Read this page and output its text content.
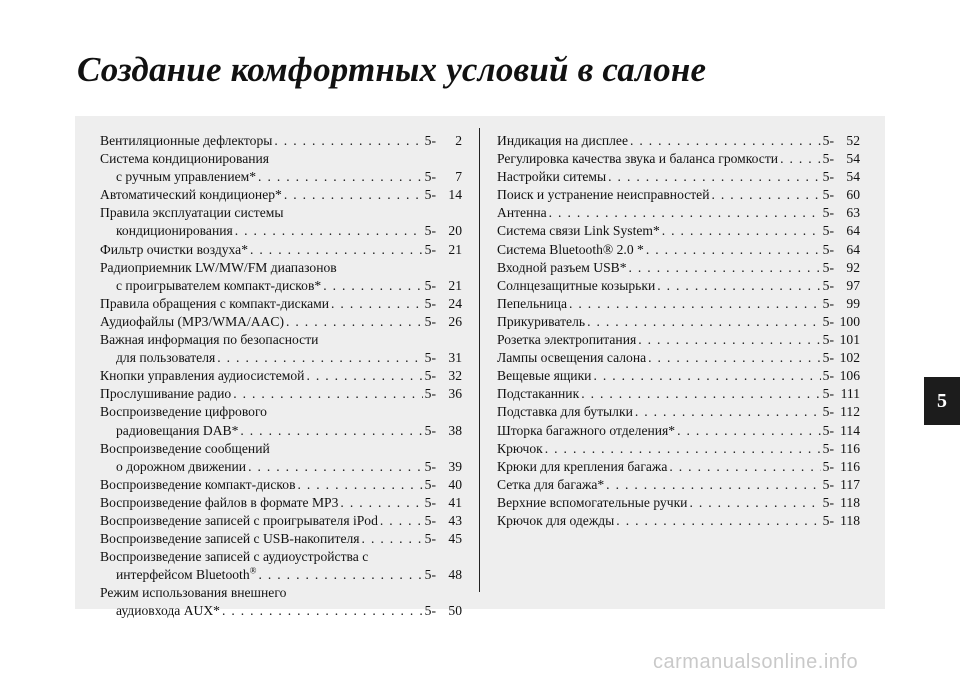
Создание комфортных условий в салоне
Вентиляционные дефлекторы . . .	5-	2
Система кондиционирования
с ручным управлением* . . .	5-	7
Автоматический кондиционер* . . .	5- 14
Правила эксплуатации системы
кондиционирования . . .	5- 20
Фильтр очистки воздуха* . . .	5- 21
Радиоприемник LW/MW/FM диапазонов
с проигрывателем компакт-дисков* . . .	5- 21
Правила обращения с компакт-дисками . . .	5- 24
Аудиофайлы (MP3/WMA/AAC) . . .	5- 26
Важная информация по безопасности
для пользователя . . .	5- 31
Кнопки управления аудиосистемой . . .	5- 32
Прослушивание радио . . .	5- 36
Воспроизведение цифрового
радиовещания DAB* . . .	5- 38
Воспроизведение сообщений
о дорожном движении . . .	5- 39
Воспроизведение компакт-дисков . . .	5- 40
Воспроизведение файлов в формате MP3 . . .	5- 41
Воспроизведение записей с проигрывателя iPod . . .	5- 43
Воспроизведение записей с USB-накопителя . . .	5- 45
Воспроизведение записей с аудиоустройства с
интерфейсом Bluetooth® . . .	5- 48
Режим использования внешнего
аудиовхода AUX* . . .	5- 50
Индикация на дисплее . . .	5- 52
Регулировка качества звука и баланса громкости . . .	5- 54
Настройки ситемы . . .	5- 54
Поиск и устранение неисправностей . . .	5- 60
Антенна . . .	5- 63
Система связи Link System* . . .	5- 64
Система Bluetooth® 2.0 * . . .	5- 64
Входной разъем USB* . . .	5- 92
Солнцезащитные козырьки . . .	5- 97
Пепельница . . .	5- 99
Прикуриватель . . .	5- 100
Розетка электропитания . . .	5- 101
Лампы освещения салона . . .	5- 102
Вещевые ящики . . .	5- 106
Подстаканник . . .	5- 111
Подставка для бутылки . . .	5- 112
Шторка багажного отделения* . . .	5- 114
Крючок . . .	5- 116
Крюки для крепления багажа . . .	5- 116
Сетка для багажа* . . .	5- 117
Верхние вспомогательные ручки . . .	5- 118
Крючок для одежды . . .	5- 118
5
carmanualsonline.info
